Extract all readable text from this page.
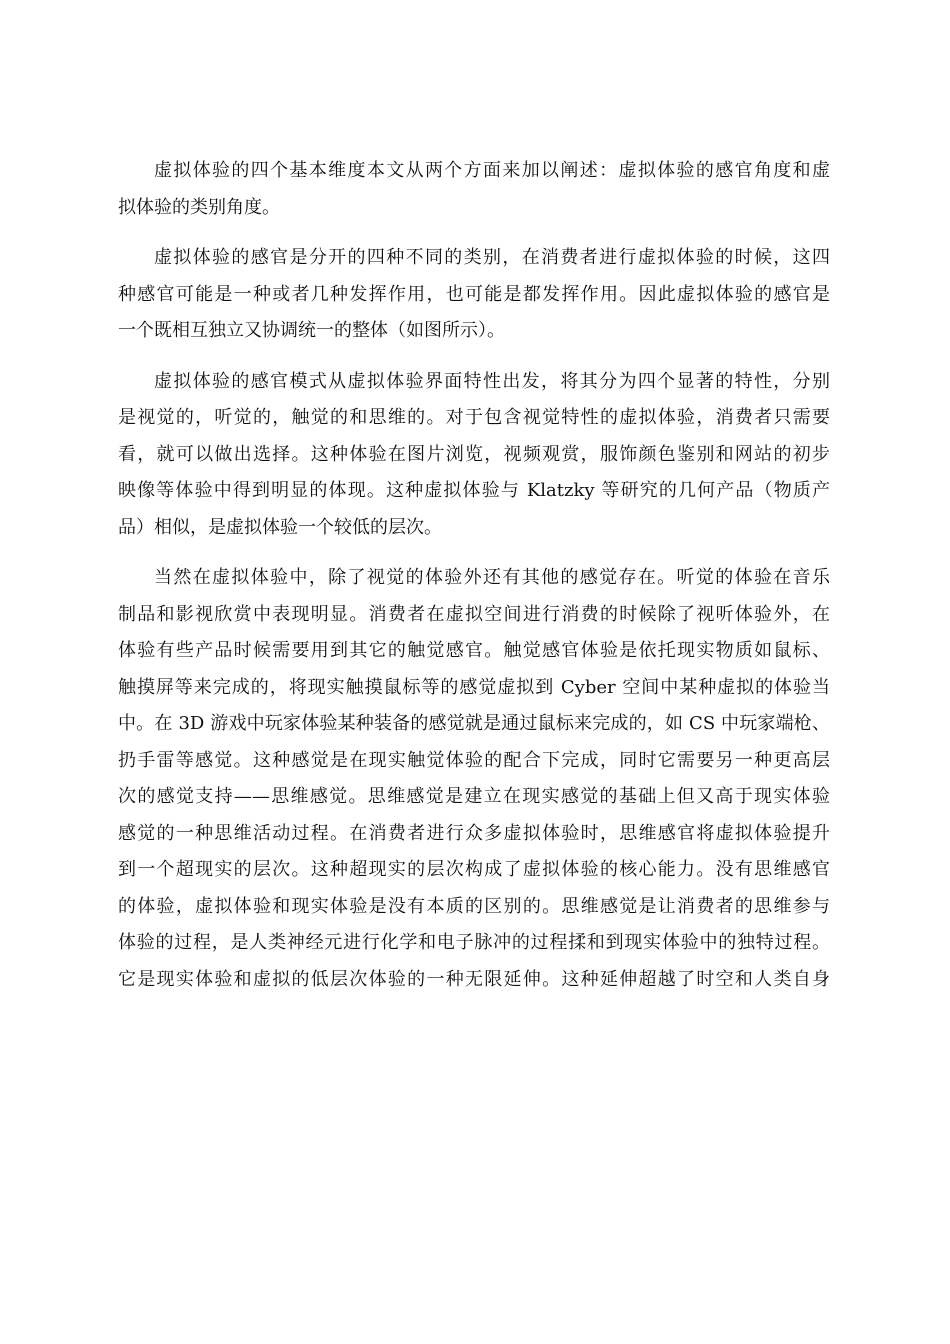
虚拟体验的四个基本维度本文从两个方面来加以阐述：虚拟体验的感官角度和虚
拟体验的类别角度。
虚拟体验的感官是分开的四种不同的类别，在消费者进行虚拟体验的时候，这四
种感官可能是一种或者几种发挥作用，也可能是都发挥作用。因此虚拟体验的感官是
一个既相互独立又协调统一的整体（如图所示）。
虚拟体验的感官模式从虚拟体验界面特性出发，将其分为四个显著的特性，分别
是视觉的，听觉的，触觉的和思维的。对于包含视觉特性的虚拟体验，消费者只需要
看，就可以做出选择。这种体验在图片浏览，视频观赏，服饰颜色鉴别和网站的初步
映像等体验中得到明显的体现。这种虚拟体验与 Klatzky 等研究的几何产品（物质产
品）相似，是虚拟体验一个较低的层次。
当然在虚拟体验中，除了视觉的体验外还有其他的感觉存在。听觉的体验在音乐
制品和影视欣赏中表现明显。消费者在虚拟空间进行消费的时候除了视听体验外，在
体验有些产品时候需要用到其它的触觉感官。触觉感官体验是依托现实物质如鼠标、
触摸屏等来完成的，将现实触摸鼠标等的感觉虚拟到 Cyber 空间中某种虚拟的体验当
中。在 3D 游戏中玩家体验某种装备的感觉就是通过鼠标来完成的，如 CS 中玩家端枪、
扔手雷等感觉。这种感觉是在现实触觉体验的配合下完成，同时它需要另一种更高层
次的感觉支持——思维感觉。思维感觉是建立在现实感觉的基础上但又高于现实体验
感觉的一种思维活动过程。在消费者进行众多虚拟体验时，思维感官将虚拟体验提升
到一个超现实的层次。这种超现实的层次构成了虚拟体验的核心能力。没有思维感官
的体验，虚拟体验和现实体验是没有本质的区别的。思维感觉是让消费者的思维参与
体验的过程，是人类神经元进行化学和电子脉冲的过程揉和到现实体验中的独特过程。
它是现实体验和虚拟的低层次体验的一种无限延伸。这种延伸超越了时空和人类自身
